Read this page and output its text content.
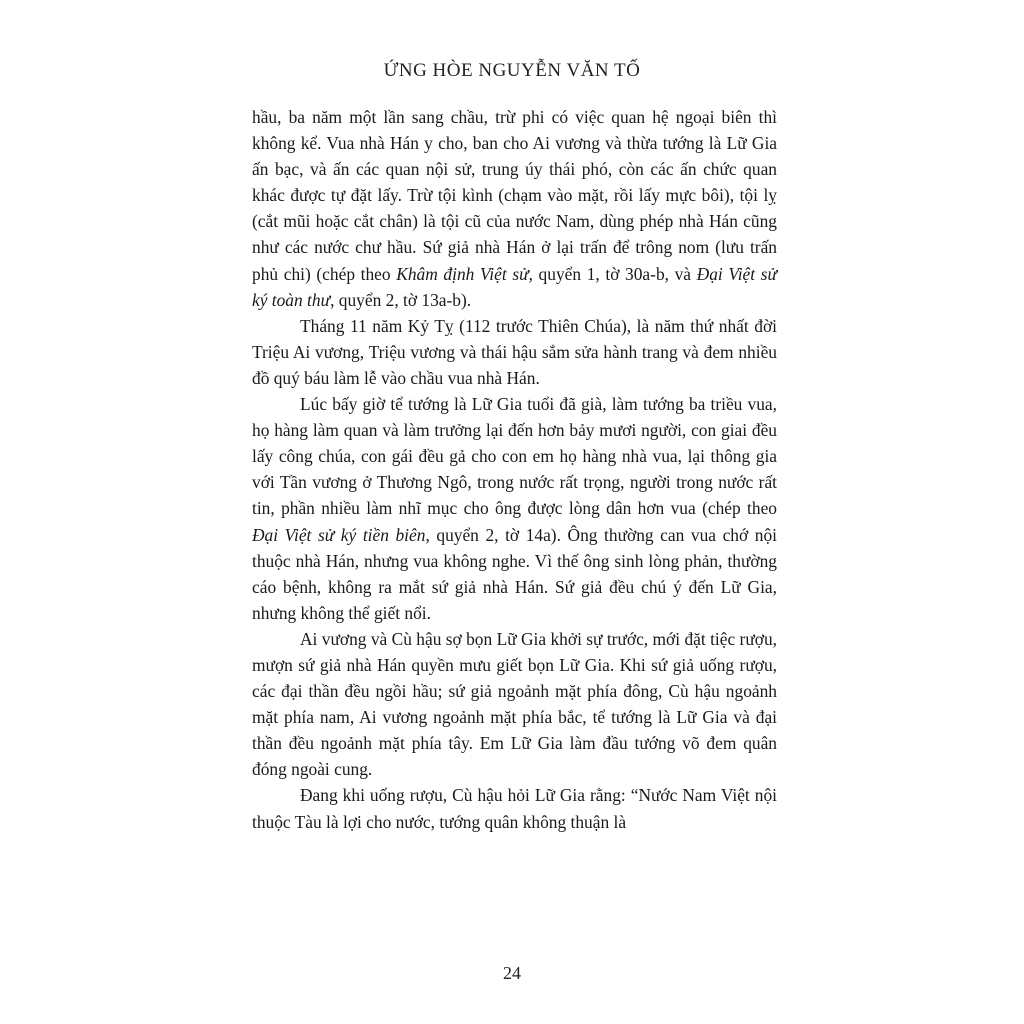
ỨNG HÒE NGUYỄN VĂN TỐ

hầu, ba năm một lần sang chầu, trừ phi có việc quan hệ ngoại biên thì không kể. Vua nhà Hán y cho, ban cho Ai vương và thừa tướng là Lữ Gia ấn bạc, và ấn các quan nội sử, trung úy thái phó, còn các ấn chức quan khác được tự đặt lấy. Trừ tội kình (chạm vào mặt, rồi lấy mực bôi), tội lỵ (cắt mũi hoặc cắt chân) là tội cũ của nước Nam, dùng phép nhà Hán cũng như các nước chư hầu. Sứ giả nhà Hán ở lại trấn để trông nom (lưu trấn phủ chi) (chép theo Khâm định Việt sử, quyển 1, tờ 30a-b, và Đại Việt sử ký toàn thư, quyển 2, tờ 13a-b).

Tháng 11 năm Kỷ Tỵ (112 trước Thiên Chúa), là năm thứ nhất đời Triệu Ai vương, Triệu vương và thái hậu sắm sửa hành trang và đem nhiều đồ quý báu làm lễ vào chầu vua nhà Hán.

Lúc bấy giờ tể tướng là Lữ Gia tuổi đã già, làm tướng ba triều vua, họ hàng làm quan và làm trưởng lại đến hơn bảy mươi người, con giai đều lấy công chúa, con gái đều gả cho con em họ hàng nhà vua, lại thông gia với Tần vương ở Thương Ngô, trong nước rất trọng, người trong nước rất tin, phần nhiều làm nhĩ mục cho ông được lòng dân hơn vua (chép theo Đại Việt sử ký tiền biên, quyển 2, tờ 14a). Ông thường can vua chớ nội thuộc nhà Hán, nhưng vua không nghe. Vì thế ông sinh lòng phản, thường cáo bệnh, không ra mắt sứ giả nhà Hán. Sứ giả đều chú ý đến Lữ Gia, nhưng không thể giết nổi.

Ai vương và Cù hậu sợ bọn Lữ Gia khởi sự trước, mới đặt tiệc rượu, mượn sứ giả nhà Hán quyền mưu giết bọn Lữ Gia. Khi sứ giả uống rượu, các đại thần đều ngồi hầu; sứ giả ngoảnh mặt phía đông, Cù hậu ngoảnh mặt phía nam, Ai vương ngoảnh mặt phía bắc, tể tướng là Lữ Gia và đại thần đều ngoảnh mặt phía tây. Em Lữ Gia làm đầu tướng võ đem quân đóng ngoài cung.

Đang khi uống rượu, Cù hậu hỏi Lữ Gia rằng: “Nước Nam Việt nội thuộc Tàu là lợi cho nước, tướng quân không thuận là

24
